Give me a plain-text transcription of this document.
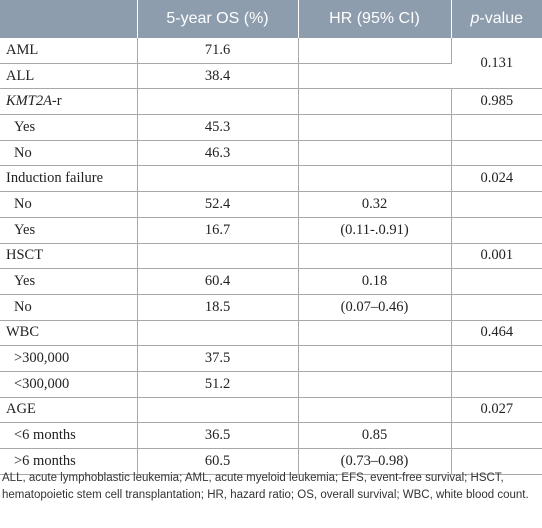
	5-year OS (%)	HR (95% CI)	p-value
AML	71.6		0.131
ALL	38.4		
KMT2A-r			0.985
Yes	45.3		
No	46.3		
Induction failure			0.024
No	52.4	0.32	
Yes	16.7	(0.11-.0.91)	
HSCT			0.001
Yes	60.4	0.18	
No	18.5	(0.07–0.46)	
WBC			0.464
>300,000	37.5		
<300,000	51.2		
AGE			0.027
<6 months	36.5	0.85	
>6 months	60.5	(0.73–0.98)	
ALL, acute lymphoblastic leukemia; AML, acute myeloid leukemia; EFS, event-free survival; HSCT, hematopoietic stem cell transplantation; HR, hazard ratio; OS, overall survival; WBC, white blood count.
